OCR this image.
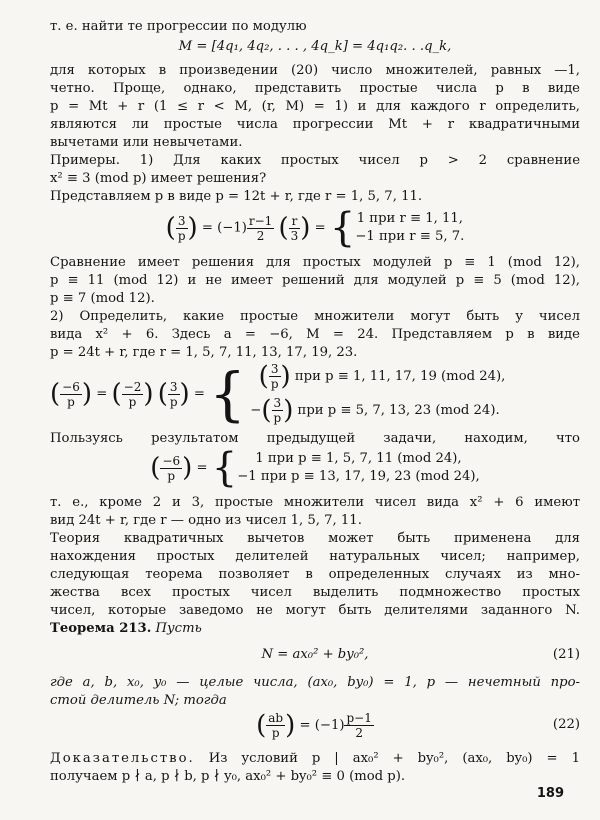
т. е. найти те прогрессии по модулю
M = [4q₁, 4q₂, . . . , 4q_k] = 4q₁q₂. . .q_k,
для которых в произведении (20) число множителей, равных —1,
четно. Проще, однако, представить простые числа p в виде
p = Mt + r (1 ≤ r < M, (r, M) = 1) и для каждого r определить,
являются ли простые числа прогрессии Mt + r квадратичными
вычетами или невычетами.
Примеры. 1) Для каких простых чисел p > 2 сравнение
x² ≡ 3 (mod p) имеет решения?
Представляем p в виде p = 12t + r, где r = 1, 5, 7, 11.
( $\frac{3}{p}$ ) = $(-1) \frac{r-1}{2}$ ( $\frac{r}{3}$ ) = { 1 при r ≡ 1, 11,
−1 при r ≡ 5, 7.
Сравнение имеет решения для простых модулей p ≡ 1 (mod 12),
p ≡ 11 (mod 12) и не имеет решений для модулей p ≡ 5 (mod 12),
p ≡ 7 (mod 12).
2) Определить, какие простые множители могут быть у чисел
вида x² + 6. Здесь a = −6, M = 24. Представляем p в виде
p = 24t + r, где r = 1, 5, 7, 11, 13, 17, 19, 23.
( $\frac{-6}{p}$ ) = ( $\frac{-2}{p}$ ) ( $\frac{3}{p}$ ) = { ( $\frac{3}{p}$ ) при p ≡ 1, 11, 17, 19 (mod 24),
−( $\frac{3}{p}$ ) при p ≡ 5, 7, 13, 23 (mod 24).
Пользуясь результатом предыдущей задачи, находим, что
( $\frac{-6}{p}$ ) = {	1 при p ≡ 1, 5, 7, 11 (mod 24),
−1 при p ≡ 13, 17, 19, 23 (mod 24),
т. е., кроме 2 и 3, простые множители чисел вида x² + 6 имеют
вид 24t + r, где r — одно из чисел 1, 5, 7, 11.
Теория квадратичных вычетов может быть применена для
нахождения простых делителей натуральных чисел; например,
следующая теорема позволяет в определенных случаях из мно-
жества всех простых чисел выделить подмножество простых
чисел, которые заведомо не могут быть делителями заданного N.
Теорема 213. Пусть
N = ax₀² + by₀²,	(21)
где a, b, x₀, y₀ — целые числа, (ax₀, by₀) = 1, p — нечетный про-
стой делитель N; тогда
( $\frac{ab}{p}$ ) = $(-1) \frac{p-1}{2}$	(22)
Доказательство. Из условий p | ax₀² + by₀², (ax₀, by₀) = 1
получаем p ∤ a, p ∤ b, p ∤ y₀, ax₀² + by₀² ≡ 0 (mod p).
189
